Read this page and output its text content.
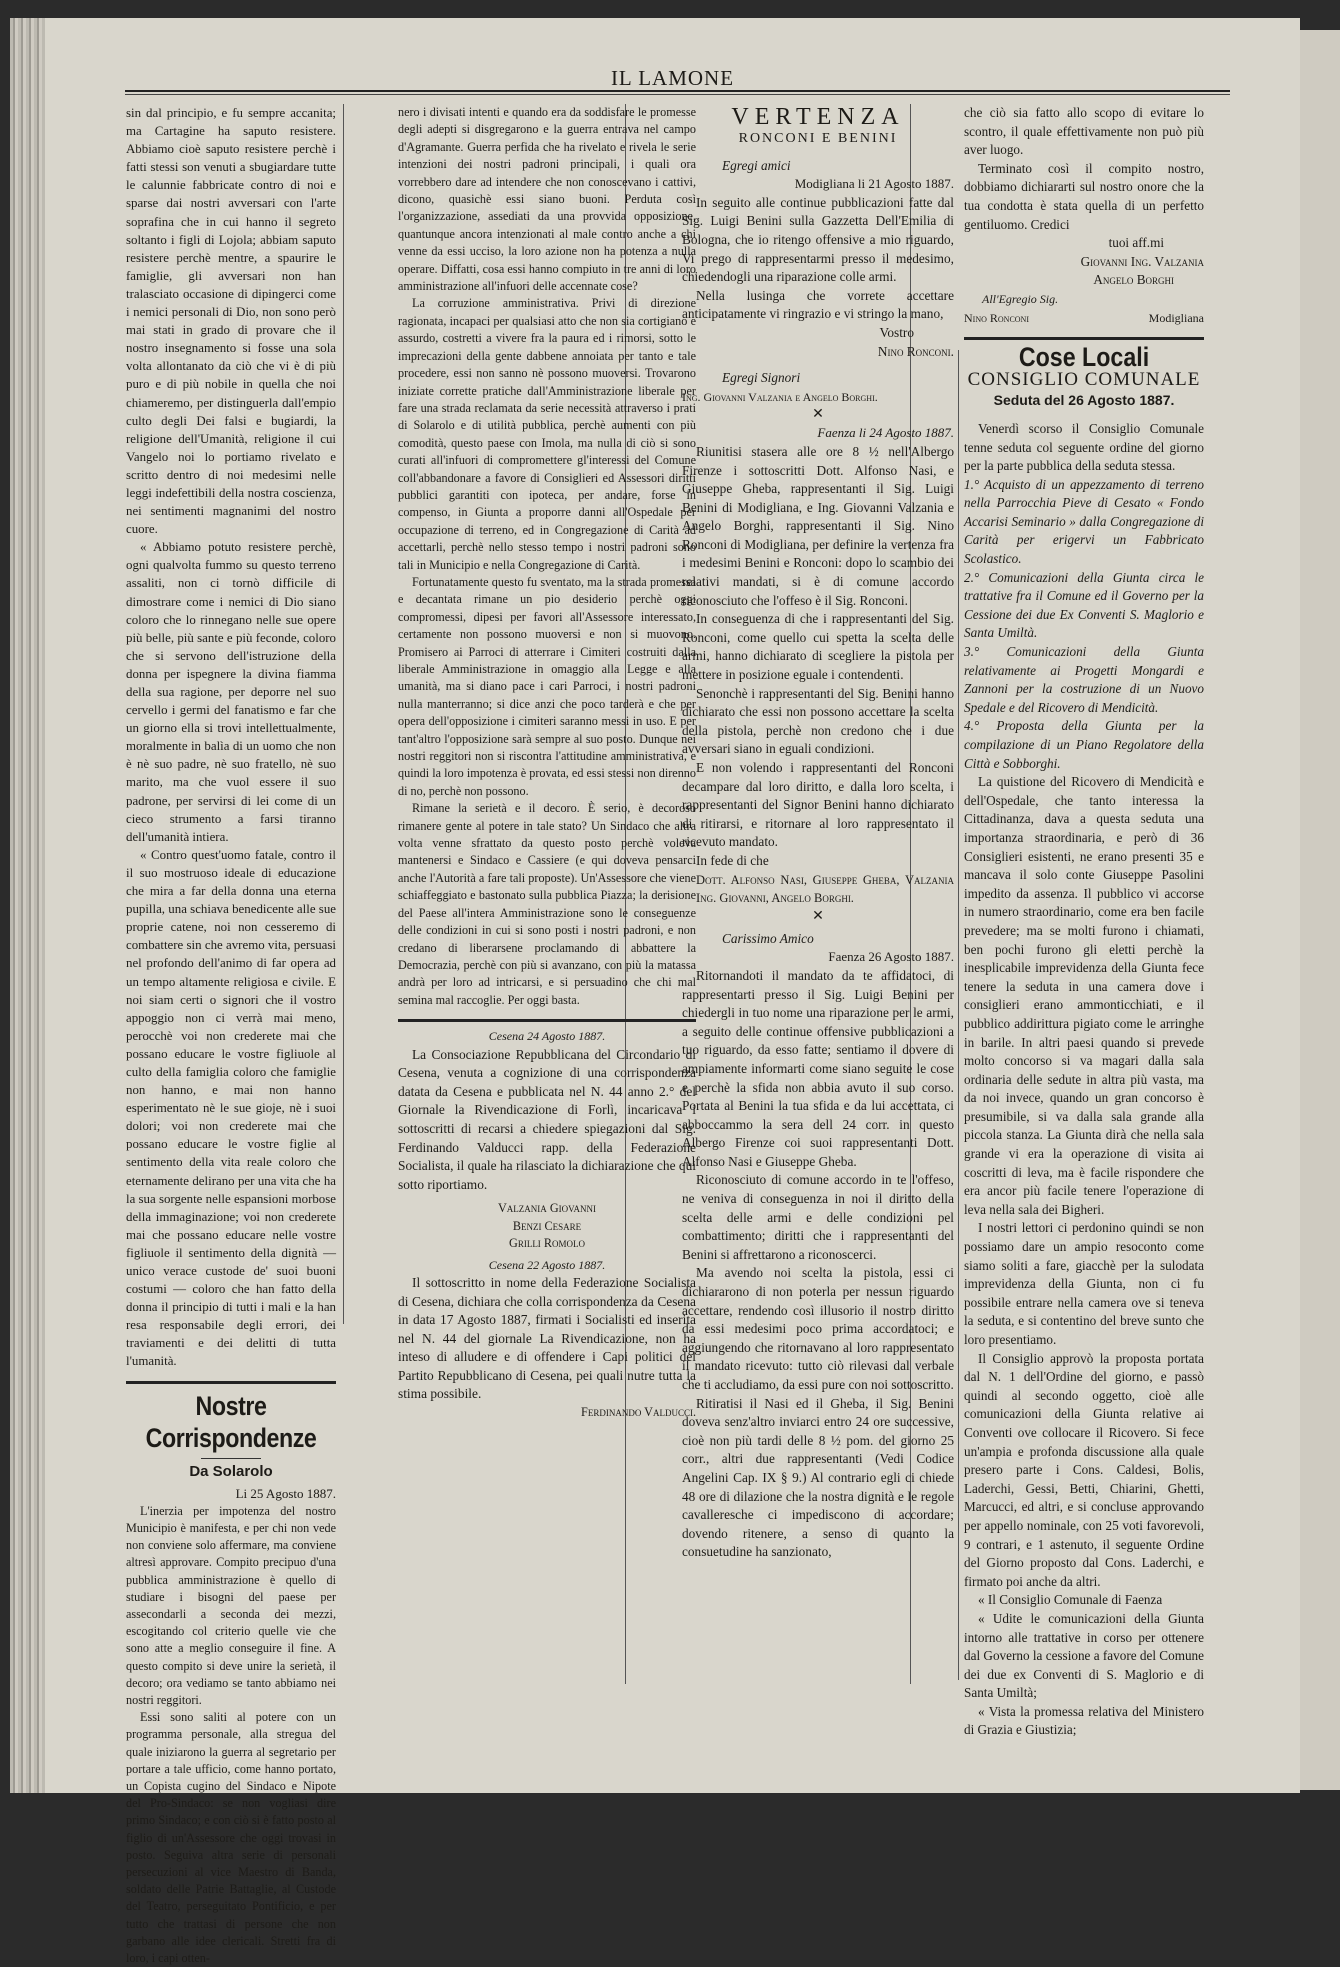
IL LAMONE

sin dal principio, e fu sempre accanita; ma Cartagine ha saputo resistere. Abbiamo cioè saputo resistere perchè i fatti stessi son venuti a sbugiardare tutte le calunnie fabbricate contro di noi e sparse dai nostri avversari con l'arte soprafina che in cui hanno il segreto soltanto i figli di Lojola; abbiam saputo resistere perchè mentre, a spaurire le famiglie, gli avversari non han tralasciato occasione di dipingerci come i nemici personali di Dio, non sono però mai stati in grado di provare che il nostro insegnamento si fosse una sola volta allontanato da ciò che vi è di più puro e di più nobile in quella che noi chiameremo, per distinguerla dall'empio culto degli Dei falsi e bugiardi, la religione dell'Umanità, religione il cui Vangelo noi lo portiamo rivelato e scritto dentro di noi medesimi nelle leggi indefettibili della nostra coscienza, nei sentimenti magnanimi del nostro cuore.

« Abbiamo potuto resistere perchè, ogni qualvolta fummo su questo terreno assaliti, non ci tornò difficile di dimostrare come i nemici di Dio siano coloro che lo rinnegano nelle sue opere più belle, più sante e più feconde, coloro che si servono dell'istruzione della donna per ispegnere la divina fiamma della sua ragione, per deporre nel suo cervello i germi del fanatismo e far che un giorno ella si trovi intellettualmente, moralmente in balìa di un uomo che non è nè suo padre, nè suo fratello, nè suo marito, ma che vuol essere il suo padrone, per servirsi di lei come di un cieco strumento a farsi tiranno dell'umanità intiera.

« Contro quest'uomo fatale, contro il il suo mostruoso ideale di educazione che mira a far della donna una eterna pupilla, una schiava benedicente alle sue proprie catene, noi non cesseremo di combattere sin che avremo vita, persuasi nel profondo dell'animo di far opera ad un tempo altamente religiosa e civile. E noi siam certi o signori che il vostro appoggio non ci verrà mai meno, perocchè voi non crederete mai che possano educare le vostre figliuole al culto della famiglia coloro che famiglie non hanno, e mai non hanno esperimentato nè le sue gioje, nè i suoi dolori; voi non crederete mai che possano educare le vostre figlie al sentimento della vita reale coloro che eternamente delirano per una vita che ha la sua sorgente nelle espansioni morbose della immaginazione; voi non crederete mai che possano educare nelle vostre figliuole il sentimento della dignità — unico verace custode de' suoi buoni costumi — coloro che han fatto della donna il principio di tutti i mali e la han resa responsabile degli errori, dei traviamenti e dei delitti di tutta l'umanità.

Nostre Corrispondenze
Da Solarolo
Li 25 Agosto 1887.

L'inerzia per impotenza del nostro Municipio è manifesta, e per chi non vede non conviene solo affermare, ma conviene altresì approvare. Compito precipuo d'una pubblica amministrazione è quello di studiare i bisogni del paese per assecondarli a seconda dei mezzi, escogitando col criterio quelle vie che sono atte a meglio conseguire il fine. A questo compito si deve unire la serietà, il decoro; ora vediamo se tanto abbiamo nei nostri reggitori.

Essi sono saliti al potere con un programma personale, alla stregua del quale iniziarono la guerra al segretario per portare a tale ufficio, come hanno portato, un Copista cugino del Sindaco e Nipote del Pro-Sindaco: se non vogliasi dire primo Sindaco; e con ciò si è fatto posto al figlio di un'Assessore che oggi trovasi in posto. Seguiva altra serie di personali persecuzioni al vice Maestro di Banda, soldato delle Patrie Battaglie, al Custode del Teatro, perseguitato Pontificio, e per tutto che trattasi di persone che non garbano alle idee clericali. Stretti fra di loro, i capi otten-

nero i divisati intenti e quando era da soddisfare le promesse degli adepti si disgregarono e la guerra entrava nel campo d'Agramante. Guerra perfida che ha rivelato e rivela le serie intenzioni dei nostri padroni principali, i quali ora vorrebbero dare ad intendere che non conoscevano i cattivi, dicono, quasichè essi siano buoni. Perduta così l'organizzazione, assediati da una provvida opposizione, quantunque ancora intenzionati al male contro anche a chi venne da essi ucciso, la loro azione non ha potenza a nulla operare. Diffatti, cosa essi hanno compiuto in tre anni di loro amministrazione all'infuori delle accennate cose?

La corruzione amministrativa. Privi di direzione ragionata, incapaci per qualsiasi atto che non sia cortigiano e assurdo, costretti a vivere fra la paura ed i rimorsi, sotto le imprecazioni della gente dabbene annoiata per tanto e tale procedere, essi non sanno nè possono muoversi. Trovarono iniziate corrette pratiche dall'Amministrazione liberale per fare una strada reclamata da serie necessità attraverso i prati di Solarolo e di utilità pubblica, perchè aumenti con più comodità, questo paese con Imola, ma nulla di ciò si sono curati all'infuori di compromettere gl'interessi del Comune coll'abbandonare a favore di Consiglieri ed Assessori diritti pubblici garantiti con ipoteca, per andare, forse in compenso, in Giunta a proporre danni all'Ospedale per occupazione di terreno, ed in Congregazione di Carità ad accettarli, perchè nello stesso tempo i nostri padroni sono tali in Municipio e nella Congregazione di Carità.

Fortunatamente questo fu sventato, ma la strada promessa e decantata rimane un pio desiderio perchè oggi compromessi, dipesi per favori all'Assessore interessato, certamente non possono muoversi e non si muovono. Promisero ai Parroci di atterrare i Cimiteri costruiti dalla liberale Amministrazione in omaggio alla Legge e alla umanità, ma si diano pace i cari Parroci, i nostri padroni nulla manterranno; si dice anzi che poco tarderà e che per opera dell'opposizione i cimiteri saranno messi in uso. E per tant'altro l'opposizione sarà sempre al suo posto. Dunque nei nostri reggitori non si riscontra l'attitudine amministrativa, e quindi la loro impotenza è provata, ed essi stessi non direnno di no, perchè non possono.

Rimane la serietà e il decoro. È serio, è decoroso rimanere gente al potere in tale stato? Un Sindaco che altra volta venne sfrattato da questo posto perchè voleva mantenersi e Sindaco e Cassiere (e qui doveva pensarci anche l'Autorità a fare tali proposte). Un'Assessore che viene schiaffeggiato e bastonato sulla pubblica Piazza; la derisione del Paese all'intera Amministrazione sono le conseguenze delle condizioni in cui si sono posti i nostri padroni, e non credano di liberarsene proclamando di abbattere la Democrazia, perchè con più si avanzano, con più la matassa andrà per loro ad intricarsi, e si persuadino che chi mal semina mal raccoglie. Per oggi basta.

Cesena 24 Agosto 1887.

La Consociazione Repubblicana del Circondario di Cesena, venuta a cognizione di una corrispondenza datata da Cesena e pubblicata nel N. 44 anno 2.° del Giornale la Rivendicazione di Forlì, incaricava i sottoscritti di recarsi a chiedere spiegazioni dal Sig. Ferdinando Valducci rapp. della Federazione Socialista, il quale ha rilasciato la dichiarazione che qui sotto riportiamo.

Valzania Giovanni
Benzi Cesare
Grilli Romolo
Cesena 22 Agosto 1887.

Il sottoscritto in nome della Federazione Socialista di Cesena, dichiara che colla corrispondenza da Cesena in data 17 Agosto 1887, firmati i Socialisti ed inserita nel N. 44 del giornale La Rivendicazione, non ha inteso di alludere e di offendere i Capi politici del Partito Repubblicano di Cesena, pei quali nutre tutta la stima possibile.

Ferdinando Valducci.
VERTENZA
RONCONI E BENINI
Egregi amici
Modigliana li 21 Agosto 1887.

In seguito alle continue pubblicazioni fatte dal Sig. Luigi Benini sulla Gazzetta Dell'Emilia di Bologna, che io ritengo offensive a mio riguardo, Vi prego di rappresentarmi presso il medesimo, chiedendogli una riparazione colle armi.

Nella lusinga che vorrete accettare anticipatamente vi ringrazio e vi stringo la mano,

Vostro
Nino Ronconi.
Egregi Signori
Ing. Giovanni Valzania e Angelo Borghi.
✕
Faenza li 24 Agosto 1887.

Riunitisi stasera alle ore 8 ½ nell'Albergo Firenze i sottoscritti Dott. Alfonso Nasi, e Giuseppe Gheba, rappresentanti il Sig. Luigi Benini di Modigliana, e Ing. Giovanni Valzania e Angelo Borghi, rappresentanti il Sig. Nino Ronconi di Modigliana, per definire la vertenza fra i medesimi Benini e Ronconi: dopo lo scambio dei relativi mandati, si è di comune accordo riconosciuto che l'offeso è il Sig. Ronconi.

In conseguenza di che i rappresentanti del Sig. Ronconi, come quello cui spetta la scelta delle armi, hanno dichiarato di scegliere la pistola per mettere in posizione eguale i contendenti.

Senonchè i rappresentanti del Sig. Benini hanno dichiarato che essi non possono accettare la scelta della pistola, perchè non credono che i due avversari siano in eguali condizioni.

E non volendo i rappresentanti del Ronconi decampare dal loro diritto, e dalla loro scelta, i rappresentanti del Signor Benini hanno dichiarato di ritirarsi, e ritornare al loro rappresentato il ricevuto mandato.

In fede di che

Dott. Alfonso Nasi, Giuseppe Gheba, Valzania Ing. Giovanni, Angelo Borghi.
✕
Carissimo Amico
Faenza 26 Agosto 1887.

Ritornandoti il mandato da te affidatoci, di rappresentarti presso il Sig. Luigi Benini per chiedergli in tuo nome una riparazione per le armi, a seguito delle continue offensive pubblicazioni a tuo riguardo, da esso fatte; sentiamo il dovere di ampiamente informarti come siano seguite le cose e perchè la sfida non abbia avuto il suo corso. Portata al Benini la tua sfida e da lui accettata, ci abboccammo la sera dell 24 corr. in questo Albergo Firenze coi suoi rappresentanti Dott. Alfonso Nasi e Giuseppe Gheba.

Riconosciuto di comune accordo in te l'offeso, ne veniva di conseguenza in noi il diritto della scelta delle armi e delle condizioni pel combattimento; diritti che i rappresentanti del Benini si affrettarono a riconoscerci.

Ma avendo noi scelta la pistola, essi ci dichiararono di non poterla per nessun riguardo accettare, rendendo così illusorio il nostro diritto da essi medesimi poco prima accordatoci; e aggiungendo che ritornavano al loro rappresentato il mandato ricevuto: tutto ciò rilevasi dal verbale che ti accludiamo, da essi pure con noi sottoscritto.

Ritiratisi il Nasi ed il Gheba, il Sig. Benini doveva senz'altro inviarci entro 24 ore successive, cioè non più tardi delle 8 ½ pom. del giorno 25 corr., altri due rappresentanti (Vedi Codice Angelini Cap. IX § 9.) Al contrario egli ci chiede 48 ore di dilazione che la nostra dignità e le regole cavalleresche ci impediscono di accordare; dovendo ritenere, a senso di quanto la consuetudine ha sanzionato,

che ciò sia fatto allo scopo di evitare lo scontro, il quale effettivamente non può più aver luogo.

Terminato così il compito nostro, dobbiamo dichiararti sul nostro onore che la tua condotta è stata quella di un perfetto gentiluomo. Credici

tuoi aff.mi
Giovanni Ing. Valzania
Angelo Borghi
All'Egregio Sig.
Nino Ronconi	Modigliana
Cose Locali
CONSIGLIO COMUNALE
Seduta del 26 Agosto 1887.

Venerdì scorso il Consiglio Comunale tenne seduta col seguente ordine del giorno per la parte pubblica della seduta stessa.

1.° Acquisto di un appezzamento di terreno nella Parrocchia Pieve di Cesato « Fondo Accarisi Seminario » dalla Congregazione di Carità per erigervi un Fabbricato Scolastico.

2.° Comunicazioni della Giunta circa le trattative fra il Comune ed il Governo per la Cessione dei due Ex Conventi S. Maglorio e Santa Umiltà.

3.° Comunicazioni della Giunta relativamente ai Progetti Mongardi e Zannoni per la costruzione di un Nuovo Spedale e del Ricovero di Mendicità.

4.° Proposta della Giunta per la compilazione di un Piano Regolatore della Città e Sobborghi.

La quistione del Ricovero di Mendicità e dell'Ospedale, che tanto interessa la Cittadinanza, dava a questa seduta una importanza straordinaria, e però di 36 Consiglieri esistenti, ne erano presenti 35 e mancava il solo conte Giuseppe Pasolini impedito da assenza. Il pubblico vi accorse in numero straordinario, come era ben facile prevedere; ma se molti furono i chiamati, ben pochi furono gli eletti perchè la inesplicabile imprevidenza della Giunta fece tenere la seduta in una camera dove i consiglieri erano ammonticchiati, e il pubblico addirittura pigiato come le arringhe in barile. In altri paesi quando si prevede molto concorso si va magari dalla sala ordinaria delle sedute in altra più vasta, ma da noi invece, quando un gran concorso è presumibile, si va dalla sala grande alla piccola stanza. La Giunta dirà che nella sala grande vi era la operazione di visita ai coscritti di leva, ma è facile rispondere che era ancor più facile tenere l'operazione di leva nella sala dei Bigheri.

I nostri lettori ci perdonino quindi se non possiamo dare un ampio resoconto come siamo soliti a fare, giacchè per la sulodata imprevidenza della Giunta, non ci fu possibile entrare nella camera ove si teneva la seduta, e si contentino del breve sunto che loro presentiamo.

Il Consiglio approvò la proposta portata dal N. 1 dell'Ordine del giorno, e passò quindi al secondo oggetto, cioè alle comunicazioni della Giunta relative ai Conventi ove collocare il Ricovero. Si fece un'ampia e profonda discussione alla quale presero parte i Cons. Caldesi, Bolis, Laderchi, Gessi, Betti, Chiarini, Ghetti, Marcucci, ed altri, e si concluse approvando per appello nominale, con 25 voti favorevoli, 9 contrari, e 1 astenuto, il seguente Ordine del Giorno proposto dal Cons. Laderchi, e firmato poi anche da altri.

« Il Consiglio Comunale di Faenza

« Udite le comunicazioni della Giunta intorno alle trattative in corso per ottenere dal Governo la cessione a favore del Comune dei due ex Conventi di S. Maglorio e di Santa Umiltà;

« Vista la promessa relativa del Ministero di Grazia e Giustizia;
